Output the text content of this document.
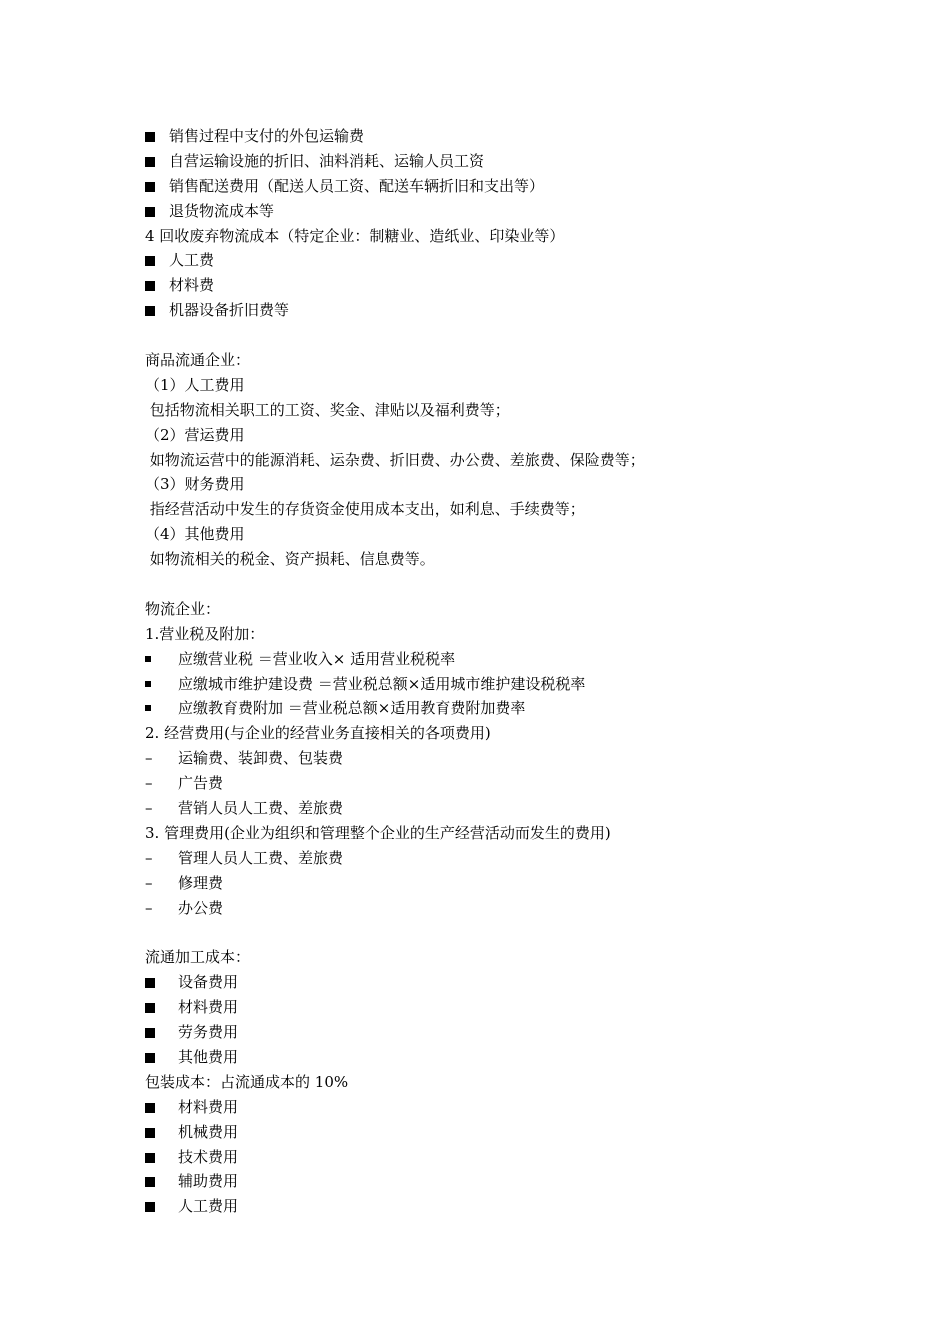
销售过程中支付的外包运输费
自营运输设施的折旧、油料消耗、运输人员工资
销售配送费用（配送人员工资、配送车辆折旧和支出等）
退货物流成本等
4 回收废弃物流成本（特定企业：制糖业、造纸业、印染业等）
人工费
材料费
机器设备折旧费等
商品流通企业：
（1）人工费用
包括物流相关职工的工资、奖金、津贴以及福利费等；
（2）营运费用
如物流运营中的能源消耗、运杂费、折旧费、办公费、差旅费、保险费等；
（3）财务费用
指经营活动中发生的存货资金使用成本支出，如利息、手续费等；
（4）其他费用
如物流相关的税金、资产损耗、信息费等。
物流企业：
1.营业税及附加：
应缴营业税 ＝营业收入× 适用营业税税率
应缴城市维护建设费 ＝营业税总额×适用城市维护建设税税率
应缴教育费附加 ＝营业税总额×适用教育费附加费率
2. 经营费用(与企业的经营业务直接相关的各项费用)
– 运输费、装卸费、包装费
– 广告费
– 营销人员人工费、差旅费
3. 管理费用(企业为组织和管理整个企业的生产经营活动而发生的费用)
– 管理人员人工费、差旅费
– 修理费
– 办公费
流通加工成本：
设备费用
材料费用
劳务费用
其他费用
包装成本：占流通成本的 10%
材料费用
机械费用
技术费用
辅助费用
人工费用
